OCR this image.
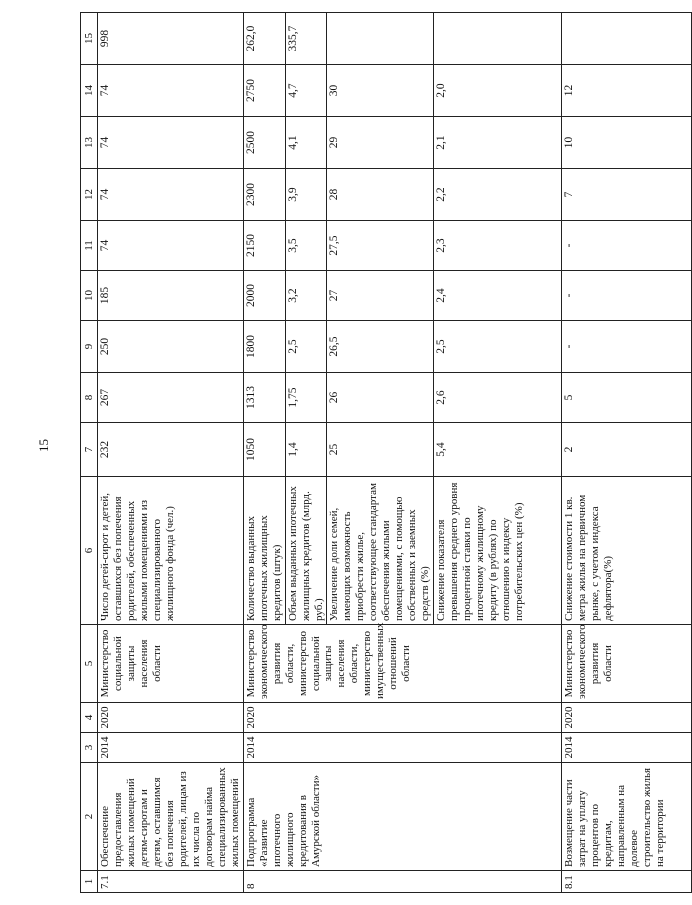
15
1	2	3	4	5	6	7	8	9	10	11	12	13	14	15
7.1	Обеспечение предоставления жилых помещений детям-сиротам и детям, оставшимся без попечения родителей, лицам из их числа по договорам найма специализированных жилых помещений	2014	2020	Министерство социальной защиты населения области	Число детей-сирот и детей, оставшихся без попечения родителей, обеспеченных жилыми помещениями из специализированного жилищного фонда (чел.)	232	267	250	185	74	74	74	74	998
8	Подпрограмма «Развитие ипотечного жилищного кредитования в Амурской области»	2014	2020	Министерство экономического развития области, министерство социальной защиты населения области, министерство имущественных отношений области	Количество выданных ипотечных жилищных кредитов (штук)	1050	1313	1800	2000	2150	2300	2500	2750	262,0
					Объем выданных ипотечных жилищных кредитов (млрд. руб.)	1,4	1,75	2,5	3,2	3,5	3,9	4,1	4,7	335,7
					Увеличение доли семей, имеющих возможность приобрести жилье, соответствующее стандартам обеспечения жилыми помещениями, с помощью собственных и заемных средств (%)	25	26	26,5	27	27,5	28	29	30	
					Снижение показателя превышения среднего уровня процентной ставки по ипотечному жилищному кредиту (в рублях) по отношению к индексу потребительских цен (%)	5,4	2,6	2,5	2,4	2,3	2,2	2,1	2,0	
8.1	Возмещение части затрат на уплату процентов по кредитам, направленным на долевое строительство жилья на территории	2014	2020	Министерство экономического развития области	Снижение стоимости 1 кв. метра жилья на первичном рынке, с учетом индекса дефлятора(%)	2	5	-	-	-	7	10	12	
